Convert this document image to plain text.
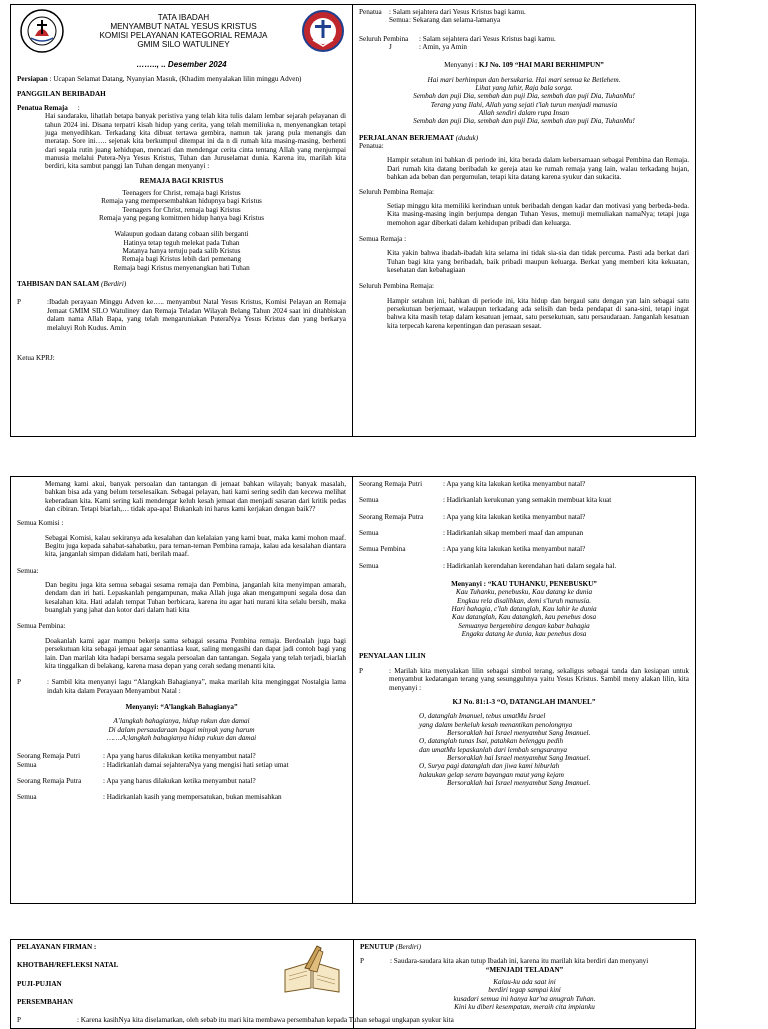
TATA IBADAH
MENYAMBUT NATAL YESUS KRISTUS
KOMISI PELAYANAN KATEGORIAL REMAJA
GMIM SILO WATULINEY

…….., .. Desember 2024

Persiapan : Ucapan Selamat Datang, Nyanyian Masuk, (Khadim menyalakan lilin minggu Adven)

PANGGILAN BERIBADAH

Penatua Remaja :

Hai saudaraku, lihatlah betapa banyak peristiva yang telah kita tulis dalam lembar sejarah pelayanan di tahun 2024 ini. Disana terpatri kisah hidup yang cerita, yang telah memiliuka n, menyenangkan tetapi juga menyedihkan. Terkadang kita dibuat tertawa gembira, namun tak jarang pula menangis dan meratap. Sore ini….. sejenak kita berkumpul ditempat ini da n di rumah kita masing-masing, berhenti dari segala rutin juang kehidupan, mencari dan mendengar cerita cinta tentang Allah yang menjumpai manusia melalui Putera-Nya Yesus Kristus, Tuhan dan Juruselamat dunia. Karena itu, marilah kita berdiri, kita sambut panggi lan Tuhan dengan menyanyi :

REMAJA BAGI KRISTUS

Teenagers for Christ, remaja bagi Kristus

Remaja yang mempersembahkan hidupnya bagi Kristus

Teenagers for Christ, remaja bagi Kristus

Remaja yang pegang komitmen hidup hanya bagi Kristus

Walaupun godaan datang cobaan silih berganti

Hatinya tetap teguh melekat pada Tuhan

Matanya hanya tertuju pada salib Kristus

Remaja bagi Kristus lebih dari pemenang

Remaja bagi Kristus menyenangkan hati Tuhan

TAHBISAN DAN SALAM (Berdiri)

P	:Ibadah perayaan Minggu Adven ke….. menyambut Natal Yesus Kristus, Komisi Pelayan an Remaja Jemaat GMIM SILO Watuliney dan Remaja Teladan Wilayah Belang Tahun 2024 saat ini ditahbiskan dalam nama Allah Bapa, yang telah mengaruniakan PuteraNya Yesus Kristus dan yang berkarya melaluyi Roh Kudus. Amin

Ketua KPRJ:

Penatua	: Salam sejahtera dari Yesus Kristus bagi kamu.
Semua : Sekarang dan selama-lamanya
Seluruh Pembina	: Salam sejahtera dari Yesus Kristus bagi kamu.
J	: Amin, ya Amin

Menyanyi : KJ No. 109 “HAI MARI BERHIMPUN”

Hai mari berhimpun dan bersukaria. Hai mari semua ke Betlehem.

Lihat yang lahir, Raja bala sorga.

Sembah dan puji Dia, sembah dan puji Dia, sembah dan puji Dia, TuhanMu!

Terang yang Ilahi, Allah yang sejati t'lah turun menjadi manusia

Allah sendiri dalam rupa Insan

Sembah dan puji Dia, sembah dan puji Dia, sembah dan puji Dia, TuhanMu!

PERJALANAN BERJEMAAT (duduk)

Penatua:

Hampir setahun ini bahkan di periode ini, kita berada dalam kebersamaan sebagai Pembina dan Remaja. Dari rumah kita datang beribadah ke gereja atau ke rumah remaja yang lain, walau terkadang hujan, bahkan ada beban dan pergumulan, tetapi kita datang karena syukur dan sukacita.

Seluruh Pembina Remaja:

Setiap minggu kita memiliki kerinduan untuk beribadah dengan kadar dan motivasi yang berbeda-beda. Kita masing-masing ingin berjumpa dengan Tuhan Yesus, memuji memuliakan namaNya; tetapi juga memohon agar diberkati dalam kehidupan pribadi dan keluarga.

Semua Remaja :

Kita yakin bahwa ibadah-ibadah kita selama ini tidak sia-sia dan tidak percuma. Pasti ada berkat dari Tuhan bagi kita yang beribadah, baik pribadi maupun keluarga. Berkat yang memberi kita kekuatan, kesehatan dan kebahagiaan

Seluruh Pembina Remaja:

Hampir setahun ini, bahkan di periode ini, kita hidup dan bergaul satu dengan yan lain sebagai satu persekutuan berjemaat, walaupun terkadang ada selisih dan beda pendapat di sana-sini, tetapi ingat bahwa kita masih tetap dalam kesatuan jemaat, satu persekutuan, satu persaudaraan. Janganlah kesatuan kita terpecah karena kepentingan dan perasaan sesaat.

Memang kami akui, banyak persoalan dan tantangan di jemaat bahkan wilayah; banyak masalah, bahkan bisa ada yang belum terselesaikan. Sebagai pelayan, hati kami sering sedih dan kecewa melihat keberadaan kita. Kami sering kali mendengar keluh kesah jemaat dan menjadi sasaran dari kritik pedas dan cibiran. Tetapi biarlah,… tidak apa-apa! Bukankah ini harus kami kerjakan dengan baik??

Semua Komisi :

Sebagai Komisi, kalau sekiranya ada kesalahan dan kelalaian yang kami buat, maka kami mohon maaf. Begitu juga kepada sahabat-sahabatku, para teman-teman Pembina ramaja, kalau ada kesalahan diantara kita, janganlah simpan didalam hati, berilah maaf.

Semua:

Dan begitu juga kita semua sebagai sesama remaja dan Pembina, janganlah kita menyimpan amarah, dendam dan iri hati. Lepaskanlah pengampunan, maka Allah juga akan mengampuni segala dosa dan kesalahan kita. Hati adalah tempat Tuhan berbicara, karena itu agar hati nurani kita selalu bersih, maka buanglah yang jahat dan kotor dari dalam hati kita

Semua Pembina:

Doakanlah kami agar mampu bekerja sama sebagai sesama Pembina remaja. Berdoalah juga bagi persekutuan kita sebagai jemaat agar senantiasa kuat, saling mengasihi dan dapat jadi contoh bagi yang lain. Dan marilah kita hadapi bersama segala persoalan dan tantangan. Segala yang telah terjadi, biarlah kita tinggalkan di belakang, karena masa depan yang cerah sedang menanti kita.

P	: Sambil kita menyanyi lagu “Alangkah Bahagianya”, maka marilah kita menginggat Nostalgia lama indah kita dalam Perayaan Menyambut Natal :

Menyanyi: “A’langkah Bahagianya”

A’langkah bahagianya, hidup rukun dan damai

Di dalam persaudaraan bagai minyak yang harum

…….A;langkah bahagianya hidup rukun dan damai

Seorang Remaja Putri	: Apa yang harus dilakukan ketika menyambut natal?
Semua	: Hadirkanlah damai sejahteraNya yang mengisi hati setiap umat
Seorang Remaja Putra	: Apa yang harus dilakukan ketika menyambut natal?
Semua	: Hadirkanlah kasih yang mempersatukan, bukan memisahkan
Seorang Remaja Putri	: Apa yang kita lakukan ketika menyambut natal?
Semua	: Hadirkanlah kerukunan yang semakin membuat kita kuat
Seorang Remaja Putra	: Apa yang kita lakukan ketika menyambut natal?
Semua	: Hadirkanlah sikap memberi maaf dan ampunan
Semua Pembina	: Apa yang kita lakukan ketika menyambut natal?
Semua	: Hadirkanlah kerendahan kerendahan hati dalam segala hal.

Menyanyi : “KAU TUHANKU, PENEBUSKU”

Kau Tuhanku, penebusku, Kau datang ke dunia

Engkau rela disalibkan, demi s'luruh manusia.

Hari bahagia, c'lah datanglah, Kau lahir ke dunia

Kau datanglah, Kau datanglah, kau penebus dosa

Semuanya bergembira dengan kabar bahagia

Engaku datang ke dunia, kau penebus dosa

PENYALAAN LILIN

P	: Marilah kita menyalakan lilin sebagai simbol terang, sekaligus sebagai tanda dan kesiapan untuk menyambut kedatangan terang yang sesungguhnya yaitu Yesus Kristus. Sambil meny alakan lilin, kita menyanyi :

KJ No. 81:1-3 “O, DATANGLAH IMANUEL”

O, datanglah Imanuel, tebus umatMu Israel

yang dalam berkeluh kesah menantikan penolongnya

Bersoraklah hai Israel menyambut Sang Imanuel.

O, datanglah tunas Isai, patahkan belenggu pedih

dan umatMu lepaskanlah dari lembah sengsaranya

Bersoraklah hai Israel menyambut Sang Imanuel.

O, Surya pagi datanglah dan jiwa kami hiburlah

halaukan gelap seram bayangan maut yang kejam

Bersoraklah hai Israel menyambut Sang Imanuel.

PELAYANAN FIRMAN :

KHOTBAH/REFLEKSI NATAL

PUJI-PUJIAN

PERSEMBAHAN

P	: Karena kasihNya kita diselamatkan, oleh sebab itu mari kita membawa persembahan kepada Tuhan sebagai ungkapan syukur kita

PENUTUP (Berdiri)

P	: Saudara-saudara kita akan tutup Ibadah ini, karena itu marilah kita berdiri dan menyanyi

“MENJADI TELADAN”

Kalau-ku ada saat ini

berdiri tegap sampai kini

kusadari semua ini hanya kar'na anugrah Tuhan.

Kini ku diberi kesempatan, meraih cita impianku
